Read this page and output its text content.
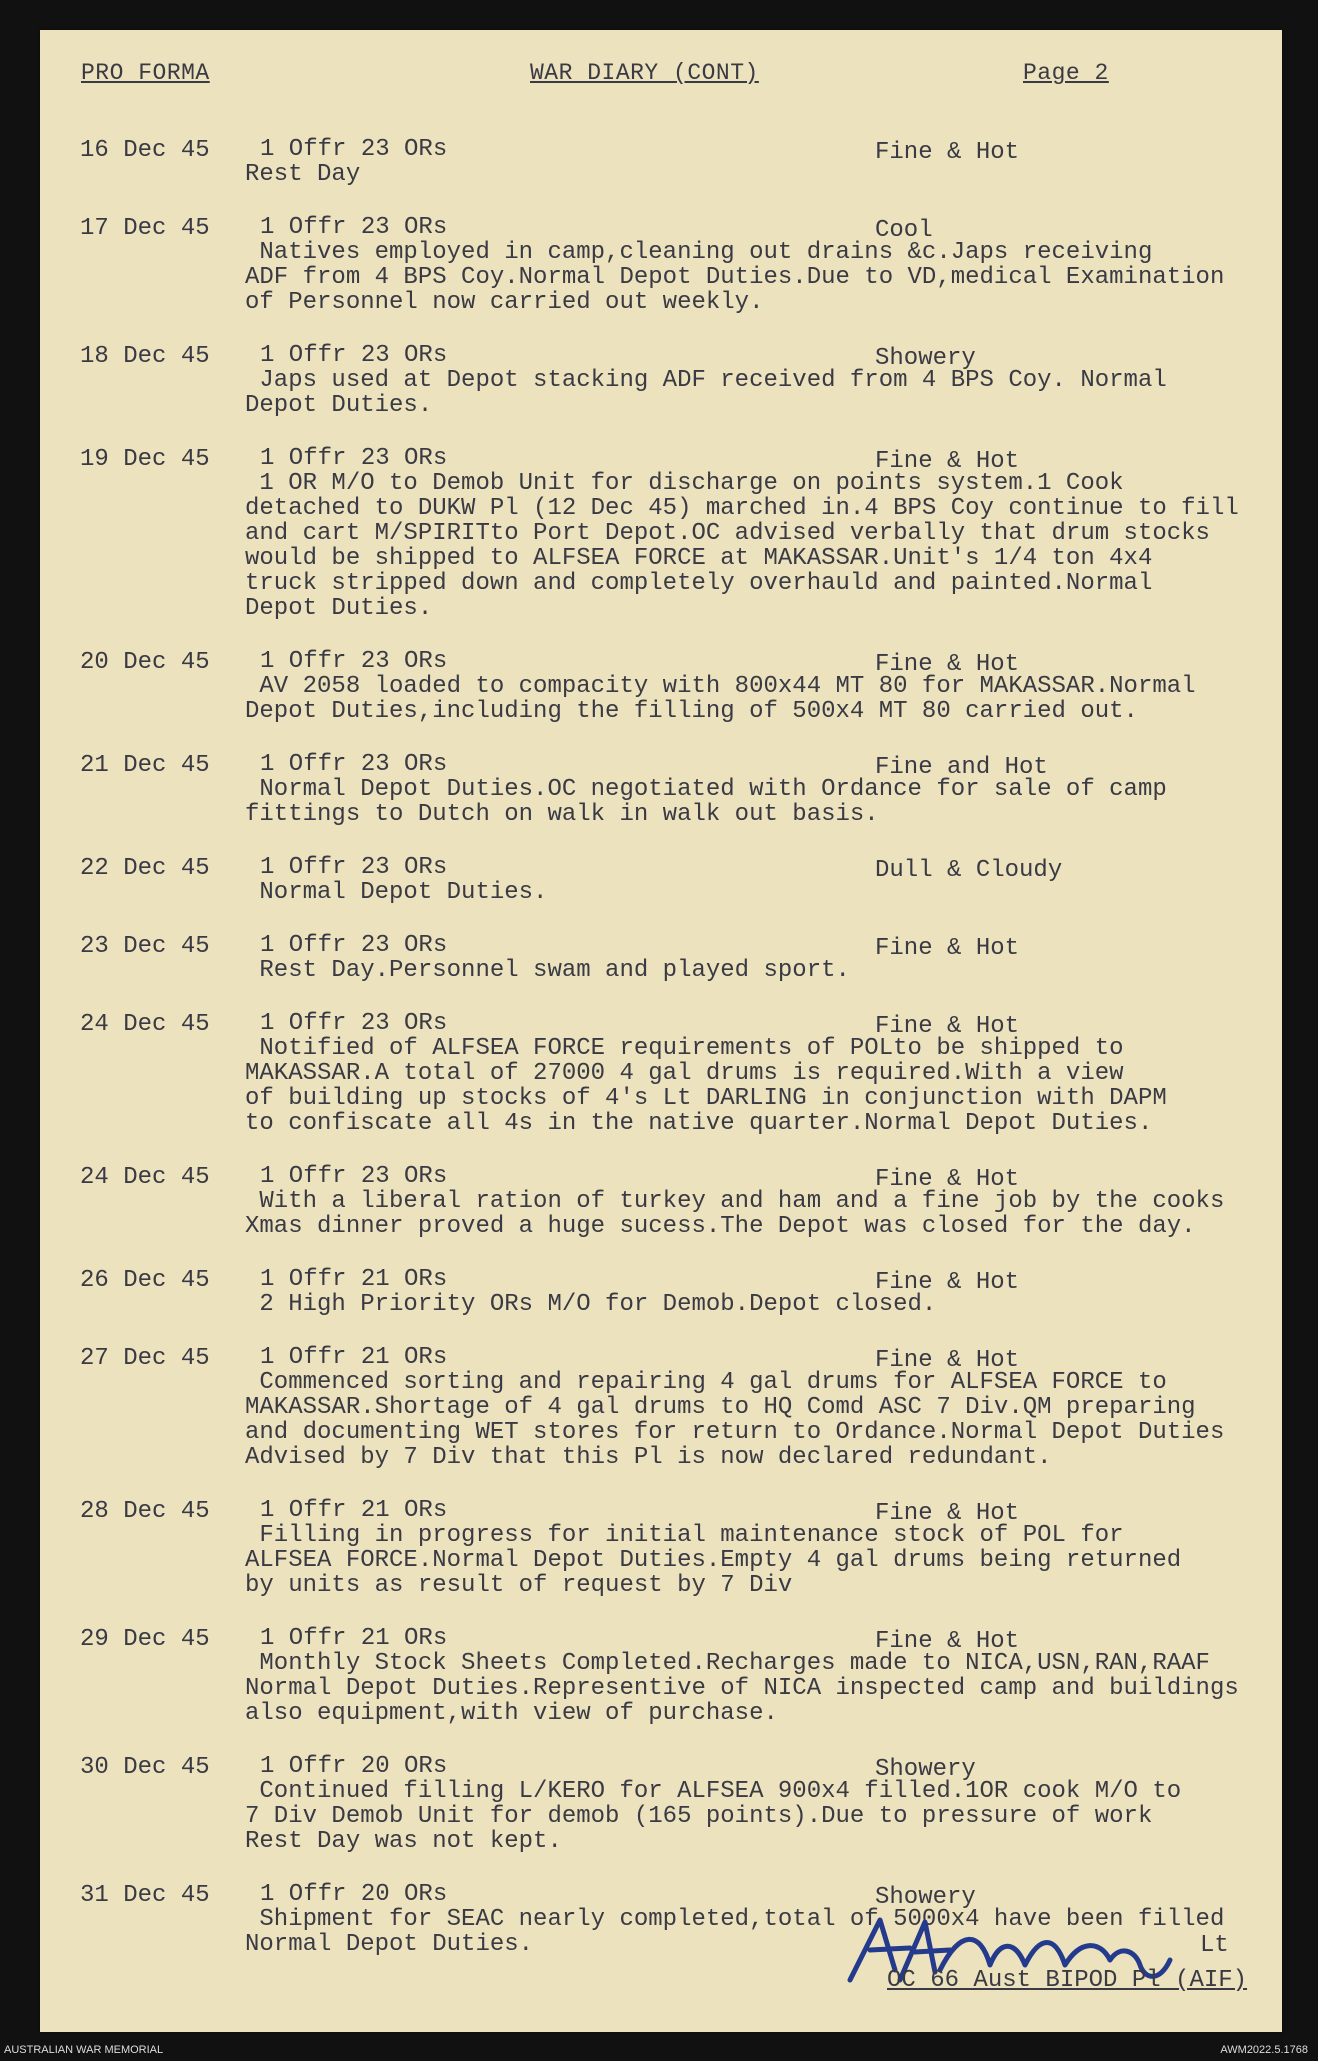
PRO FORMA	WAR DIARY (CONT)	Page 2
16 Dec 45 1 Offr 23 ORs	Fine & Hot
Rest Day
17 Dec 45 1 Offr 23 ORs	Cool
Natives employed in camp,cleaning out drains &c.Japs receiving
ADF from 4 BPS Coy.Normal Depot Duties.Due to VD,medical Examination
of Personnel now carried out weekly.
18 Dec 45 1 Offr 23 ORs	Showery
Japs used at Depot stacking ADF received from 4 BPS Coy. Normal
Depot Duties.
19 Dec 45 1 Offr 23 ORs	Fine & Hot
1 OR M/O to Demob Unit for discharge on points system.1 Cook
detached to DUKW Pl (12 Dec 45) marched in.4 BPS Coy continue to fill
and cart M/SPIRITto Port Depot.OC advised verbally that drum stocks
would be shipped to ALFSEA FORCE at MAKASSAR.Unit's 1/4 ton 4x4
truck stripped down and completely overhauld and painted.Normal
Depot Duties.
20 Dec 45 1 Offr 23 ORs	Fine & Hot
AV 2058 loaded to compacity with 800x44 MT 80 for MAKASSAR.Normal
Depot Duties,including the filling of 500x4 MT 80 carried out.
21 Dec 45 1 Offr 23 ORs	Fine and Hot
Normal Depot Duties.OC negotiated with Ordance for sale of camp
fittings to Dutch on walk in walk out basis.
22 Dec 45 1 Offr 23 ORs	Dull & Cloudy
Normal Depot Duties.
23 Dec 45 1 Offr 23 ORs	Fine & Hot
Rest Day.Personnel swam and played sport.
24 Dec 45 1 Offr 23 ORs	Fine & Hot
Notified of ALFSEA FORCE requirements of POLto be shipped to
MAKASSAR.A total of 27000 4 gal drums is required.With a view
of building up stocks of 4's Lt DARLING in conjunction with DAPM
to confiscate all 4s in the native quarter.Normal Depot Duties.
24 Dec 45 1 Offr 23 ORs	Fine & Hot
With a liberal ration of turkey and ham and a fine job by the cooks
Xmas dinner proved a huge sucess.The Depot was closed for the day.
26 Dec 45 1 Offr 21 ORs	Fine & Hot
2 High Priority ORs M/O for Demob.Depot closed.
27 Dec 45 1 Offr 21 ORs	Fine & Hot
Commenced sorting and repairing 4 gal drums for ALFSEA FORCE to
MAKASSAR.Shortage of 4 gal drums to HQ Comd ASC 7 Div.QM preparing
and documenting WET stores for return to Ordance.Normal Depot Duties
Advised by 7 Div that this Pl is now declared redundant.
28 Dec 45 1 Offr 21 ORs	Fine & Hot
Filling in progress for initial maintenance stock of POL for
ALFSEA FORCE.Normal Depot Duties.Empty 4 gal drums being returned
by units as result of request by 7 Div
29 Dec 45 1 Offr 21 ORs	Fine & Hot
Monthly Stock Sheets Completed.Recharges made to NICA,USN,RAN,RAAF
Normal Depot Duties.Representive of NICA inspected camp and buildings
also equipment,with view of purchase.
30 Dec 45 1 Offr 20 ORs	Showery
Continued filling L/KERO for ALFSEA 900x4 filled.1OR cook M/O to
7 Div Demob Unit for demob (165 points).Due to pressure of work
Rest Day was not kept.
31 Dec 45 1 Offr 20 ORs	Showery
Shipment for SEAC nearly completed,total of 5000x4 have been filled
Normal Depot Duties.	Lt
OC 66 Aust BIPOD Pl (AIF)
AUSTRALIAN WAR MEMORIAL	AWM2022.5.1768
